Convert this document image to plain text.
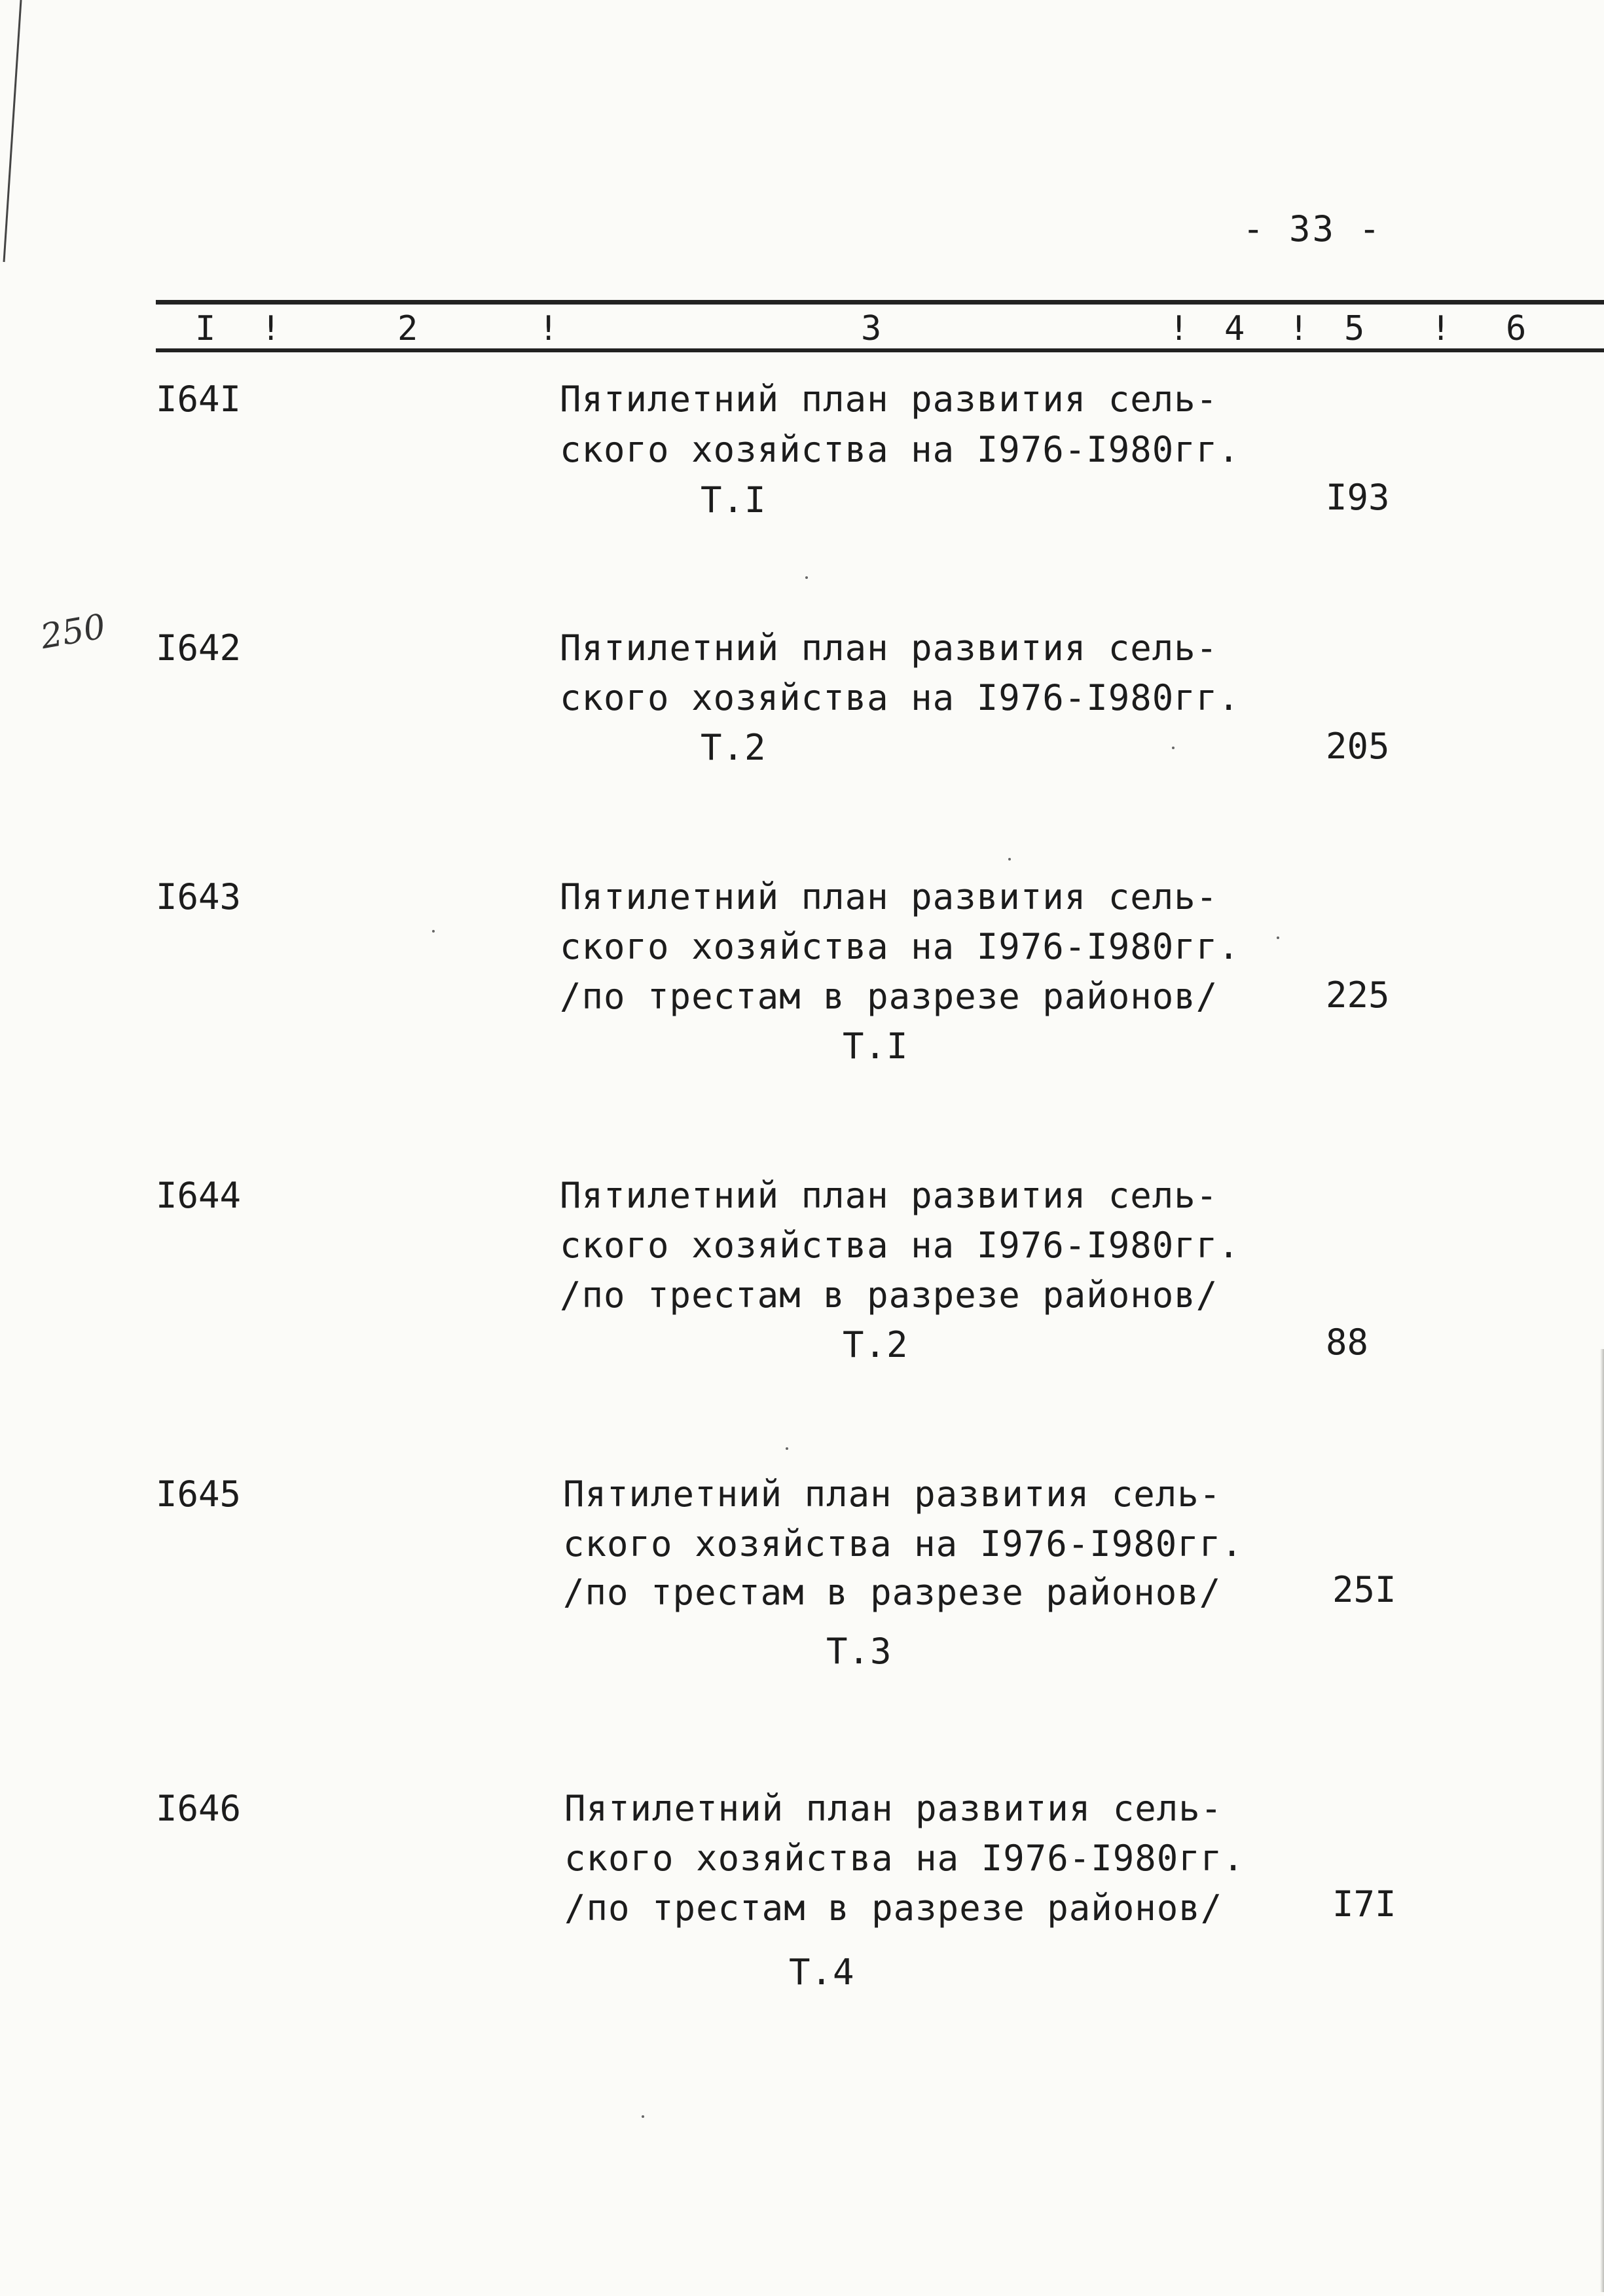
250
- 33 -
I !	2	!	3	! 4 ! 5 ! 6
I64I	Пятилетний план развития сель-
ского хозяйства на I976-I980гг.
Т.I	I93
I642	Пятилетний план развития сель-
ского хозяйства на I976-I980гг.
Т.2	205
I643	Пятилетний план развития сель-
ского хозяйства на I976-I980гг.
/по трестам в разрезе районов/
Т.I
225
I644	Пятилетний план развития сель-
ского хозяйства на I976-I980гг.
/по трестам в разрезе районов/
Т.2	88
I645	Пятилетний план развития сель-
ского хозяйства на I976-I980гг.
/по трестам в разрезе районов/
Т.3
25I
I646	Пятилетний план развития сель-
ского хозяйства на I976-I980гг.
/по трестам в разрезе районов/
Т.4
I7I
